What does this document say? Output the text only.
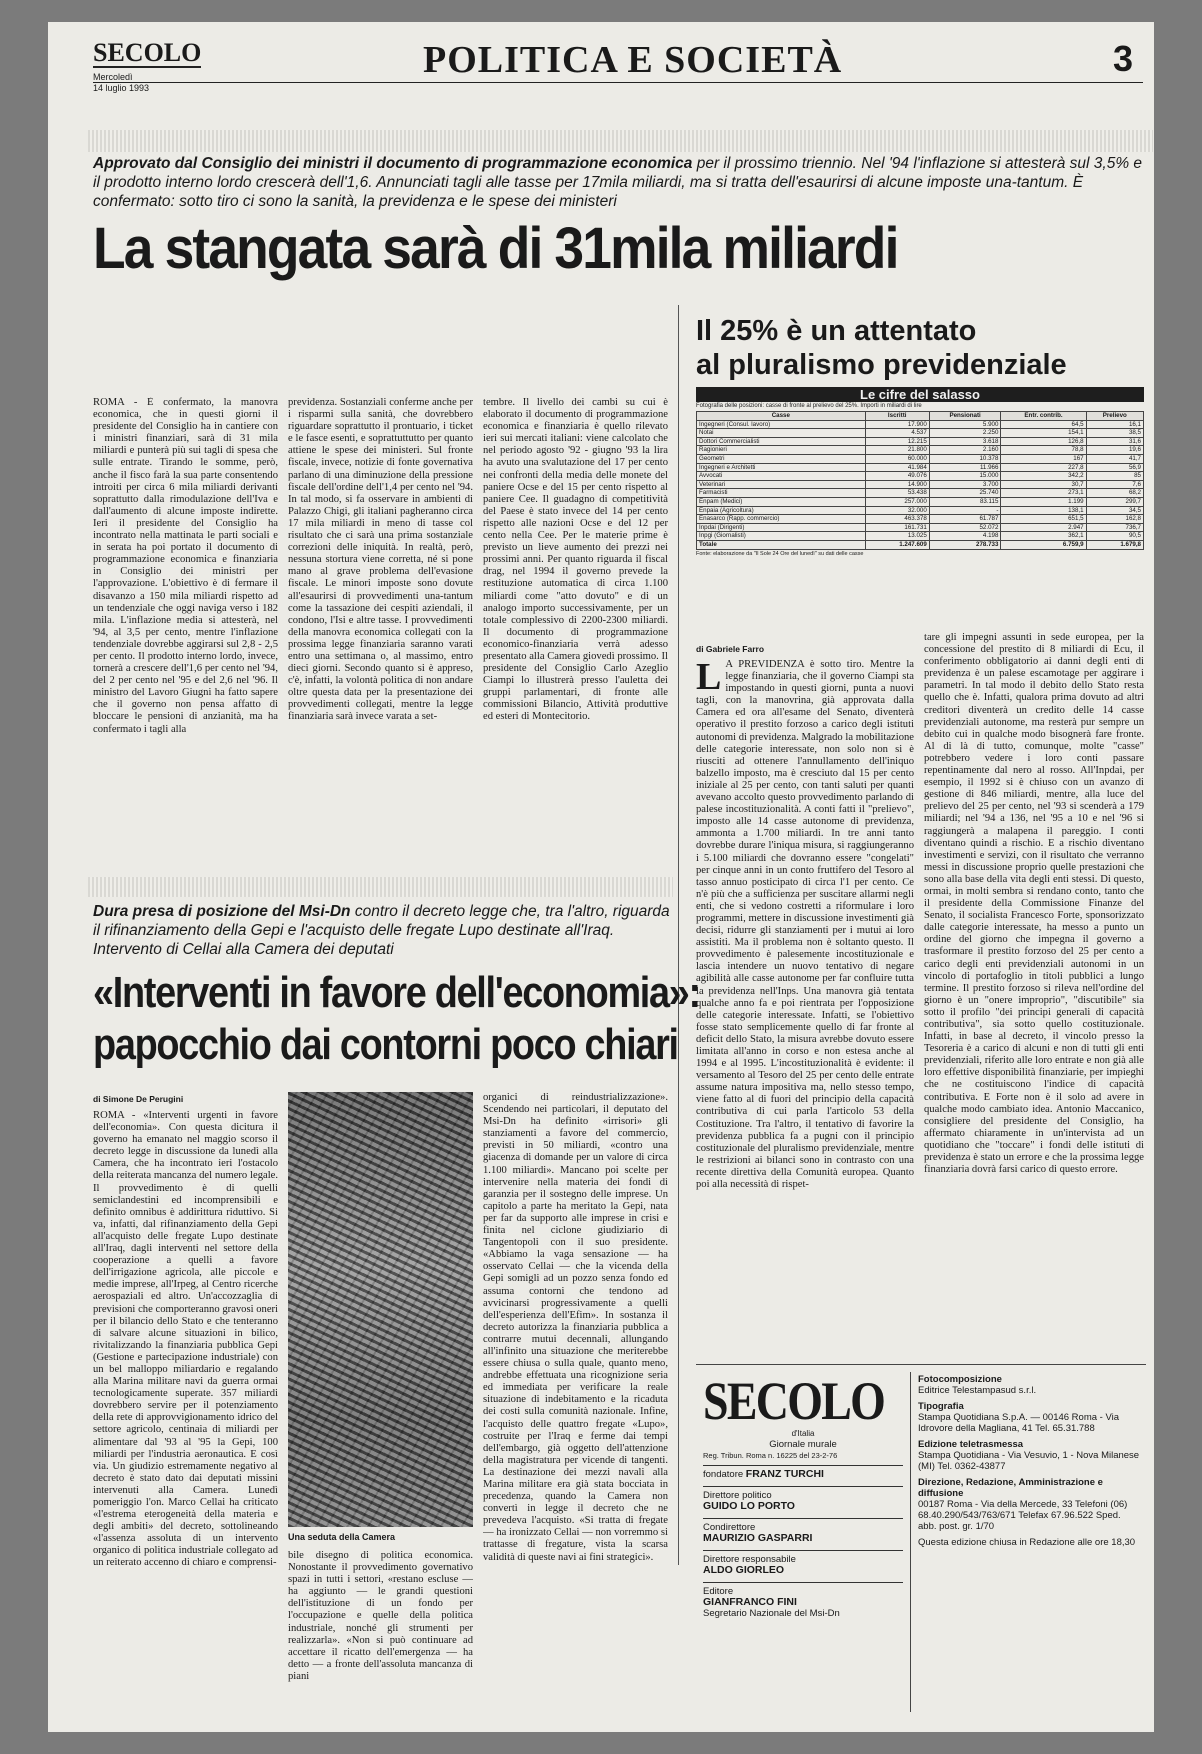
SECOLO
Mercoledì
14 luglio 1993
POLITICA E SOCIETÀ	3
Approvato dal Consiglio dei ministri il documento di programmazione economica per il prossimo triennio. Nel '94 l'inflazione si attesterà sul 3,5% e il prodotto interno lordo crescerà dell'1,6. Annunciati tagli alle tasse per 17mila miliardi, ma si tratta dell'esaurirsi di alcune imposte una-tantum. È confermato: sotto tiro ci sono la sanità, la previdenza e le spese dei ministeri
La stangata sarà di 31mila miliardi

ROMA - È confermato, la manovra economica, che in questi giorni il presidente del Consiglio ha in cantiere con i ministri finanziari, sarà di 31 mila miliardi e punterà più sui tagli di spesa che sulle entrate. Tirando le somme, però, anche il fisco farà la sua parte consentendo introiti per circa 6 mila miliardi derivanti soprattutto dalla rimodulazione dell'Iva e dall'aumento di alcune imposte indirette. Ieri il presidente del Consiglio ha incontrato nella mattinata le parti sociali e in serata ha poi portato il documento di programmazione economica e finanziaria in Consiglio dei ministri per l'approvazione. L'obiettivo è di fermare il disavanzo a 150 mila miliardi rispetto ad un tendenziale che oggi naviga verso i 182 mila. L'inflazione media si attesterà, nel '94, al 3,5 per cento, mentre l'inflazione tendenziale dovrebbe aggirarsi sul 2,8 - 2,5 per cento. Il prodotto interno lordo, invece, tornerà a crescere dell'1,6 per cento nel '94, del 2 per cento nel '95 e del 2,6 nel '96. Il ministro del Lavoro Giugni ha fatto sapere che il governo non pensa affatto di bloccare le pensioni di anzianità, ma ha confermato i tagli alla

previdenza. Sostanziali conferme anche per i risparmi sulla sanità, che dovrebbero riguardare soprattutto il prontuario, i ticket e le fasce esenti, e soprattuttutto per quanto attiene le spese dei ministeri. Sul fronte fiscale, invece, notizie di fonte governativa parlano di una diminuzione della pressione fiscale dell'ordine dell'1,4 per cento nel '94. In tal modo, si fa osservare in ambienti di Palazzo Chigi, gli italiani pagheranno circa 17 mila miliardi in meno di tasse col risultato che ci sarà una prima sostanziale correzioni delle iniquità. In realtà, però, nessuna stortura viene corretta, né si pone mano al grave problema dell'evasione fiscale. Le minori imposte sono dovute all'esaurirsi di provvedimenti una-tantum come la tassazione dei cespiti aziendali, il condono, l'Isi e altre tasse. I provvedimenti della manovra economica collegati con la prossima legge finanziaria saranno varati entro una settimana o, al massimo, entro dieci giorni. Secondo quanto si è appreso, c'è, infatti, la volontà politica di non andare oltre questa data per la presentazione dei provvedimenti collegati, mentre la legge finanziaria sarà invece varata a set-

tembre. Il livello dei cambi su cui è elaborato il documento di programmazione economica e finanziaria è quello rilevato ieri sui mercati italiani: viene calcolato che nel periodo agosto '92 - giugno '93 la lira ha avuto una svalutazione del 17 per cento nei confronti della media delle monete del paniere Ocse e del 15 per cento rispetto al paniere Cee. Il guadagno di competitività del Paese è stato invece del 14 per cento rispetto alle nazioni Ocse e del 12 per cento nella Cee. Per le materie prime è previsto un lieve aumento dei prezzi nei prossimi anni. Per quanto riguarda il fiscal drag, nel 1994 il governo prevede la restituzione automatica di circa 1.100 miliardi come "atto dovuto" e di un analogo importo successivamente, per un totale complessivo di 2200-2300 miliardi. Il documento di programmazione economico-finanziaria verrà adesso presentato alla Camera giovedì prossimo. Il presidente del Consiglio Carlo Azeglio Ciampi lo illustrerà presso l'auletta dei gruppi parlamentari, di fronte alle commissioni Bilancio, Attività produttive ed esteri di Montecitorio.

Il 25% è un attentato
al pluralismo previdenziale
Le cifre del salasso
Fotografia delle posizioni: casse di fronte al prelievo del 25%. Importi in miliardi di lire
Casse	Iscritti	Pensionati	Entr. contrib.	Prelievo
Ingegneri (Consul. lavoro)	17.900	5.900	64,5	16,1
Notai	4.537	2.250	154,1	38,5
Dottori Commercialisti	12.215	3.618	126,8	31,6
Ragionieri	21.800	2.160	78,8	19,6
Geometri	60.000	10.378	167	41,7
Ingegneri e Architetti	41.984	11.966	227,8	56,9
Avvocati	49.076	15.000	342,2	85
Veterinari	14.900	3.700	30,7	7,6
Farmacisti	53.438	25.740	273,1	68,2
Enpam (Medici)	257.000	83.115	1.199	299,7
Enpaia (Agricoltura)	32.000	-	138,1	34,5
Enasarco (Rapp. commercio)	463.378	61.787	651,5	162,8
Inpdai (Dirigenti)	161.731	52.072	2.947	736,7
Inpgi (Giornalisti)	13.025	4.198	362,1	90,5
Totale	1.247.609	278.733	6.759,9	1.679,8
Fonte: elaborazione da "Il Sole 24 Ore del lunedì" su dati delle casse
di Gabriele Farro
L A PREVIDENZA è sotto tiro. Mentre la legge finanziaria, che il governo Ciampi sta impostando in questi giorni, punta a nuovi tagli, con la manovrina, già approvata dalla Camera ed ora all'esame del Senato, diventerà operativo il prestito forzoso a carico degli istituti autonomi di previdenza. Malgrado la mobilitazione delle categorie interessate, non solo non si è riusciti ad ottenere l'annullamento dell'iniquo balzello imposto, ma è cresciuto dal 15 per cento iniziale al 25 per cento, con tanti saluti per quanti avevano accolto questo provvedimento parlando di palese incostituzionalità. A conti fatti il "prelievo", imposto alle 14 casse autonome di previdenza, ammonta a 1.700 miliardi. In tre anni tanto dovrebbe durare l'iniqua misura, si raggiungeranno i 5.100 miliardi che dovranno essere "congelati" per cinque anni in un conto fruttifero del Tesoro al tasso annuo posticipato di circa l'1 per cento. Ce n'è più che a sufficienza per suscitare allarmi negli enti, che si vedono costretti a riformulare i loro programmi, mettere in discussione investimenti già decisi, ridurre gli stanziamenti per i mutui ai loro assistiti. Ma il problema non è soltanto questo. Il provvedimento è palesemente incostituzionale e lascia intendere un nuovo tentativo di negare agibilità alle casse autonome per far confluire tutta la previdenza nell'Inps. Una manovra già tentata qualche anno fa e poi rientrata per l'opposizione delle categorie interessate. Infatti, se l'obiettivo fosse stato semplicemente quello di far fronte al deficit dello Stato, la misura avrebbe dovuto essere limitata all'anno in corso e non estesa anche al 1994 e al 1995. L'incostituzionalità è evidente: il versamento al Tesoro del 25 per cento delle entrate assume natura impositiva ma, nello stesso tempo, viene fatto al di fuori del principio della capacità contributiva di cui parla l'articolo 53 della Costituzione. Tra l'altro, il tentativo di favorire la previdenza pubblica fa a pugni con il principio costituzionale del pluralismo previdenziale, mentre le restrizioni ai bilanci sono in contrasto con una recente direttiva della Comunità europea. Quanto poi alla necessità di rispet-

tare gli impegni assunti in sede europea, per la concessione del prestito di 8 miliardi di Ecu, il conferimento obbligatorio ai danni degli enti di previdenza è un palese escamotage per aggirare i parametri. In tal modo il debito dello Stato resta quello che è. Infatti, qualora prima dovuto ad altri creditori diventerà un credito delle 14 casse previdenziali autonome, ma resterà pur sempre un debito cui in qualche modo bisognerà fare fronte. Al di là di tutto, comunque, molte "casse" potrebbero vedere i loro conti passare repentinamente dal nero al rosso. All'Inpdai, per esempio, il 1992 si è chiuso con un avanzo di gestione di 846 miliardi, mentre, alla luce del prelievo del 25 per cento, nel '93 si scenderà a 179 miliardi; nel '94 a 136, nel '95 a 10 e nel '96 si raggiungerà a malapena il pareggio. I conti diventano quindi a rischio. E a rischio diventano investimenti e servizi, con il risultato che verranno messi in discussione proprio quelle prestazioni che sono alla base della vita degli enti stessi. Di questo, ormai, in molti sembra si rendano conto, tanto che il presidente della Commissione Finanze del Senato, il socialista Francesco Forte, sponsorizzato dalle categorie interessate, ha messo a punto un ordine del giorno che impegna il governo a trasformare il prestito forzoso del 25 per cento a carico degli enti previdenziali autonomi in un vincolo di portafoglio in titoli pubblici a lungo termine. Il prestito forzoso si rileva nell'ordine del giorno è un "onere improprio", "discutibile" sia sotto il profilo "dei principi generali di capacità contributiva", sia sotto quello costituzionale. Infatti, in base al decreto, il vincolo presso la Tesoreria è a carico di alcuni e non di tutti gli enti previdenziali, riferito alle loro entrate e non già alle loro effettive disponibilità finanziarie, per impieghi che ne costituiscono l'indice di capacità contributiva. E Forte non è il solo ad avere in qualche modo cambiato idea. Antonio Maccanico, consigliere del presidente del Consiglio, ha affermato chiaramente in un'intervista ad un quotidiano che "toccare" i fondi delle istituti di previdenza è stato un errore e che la prossima legge finanziaria dovrà farsi carico di questo errore.

Dura presa di posizione del Msi-Dn contro il decreto legge che, tra l'altro, riguarda il rifinanziamento della Gepi e l'acquisto delle fregate Lupo destinate all'Iraq. Intervento di Cellai alla Camera dei deputati
«Interventi in favore dell'economia»:
papocchio dai contorni poco chiari
di Simone De Perugini

ROMA - «Interventi urgenti in favore dell'economia». Con questa dicitura il governo ha emanato nel maggio scorso il decreto legge in discussione da lunedì alla Camera, che ha incontrato ieri l'ostacolo della reiterata mancanza del numero legale. Il provvedimento è di quelli semiclandestini ed incomprensibili e definito omnibus è addirittura riduttivo. Si va, infatti, dal rifinanziamento della Gepi all'acquisto delle fregate Lupo destinate all'Iraq, dagli interventi nel settore della cooperazione a quelli a favore dell'irrigazione agricola, alle piccole e medie imprese, all'Irpeg, al Centro ricerche aerospaziali ed altro. Un'accozzaglia di previsioni che comporteranno gravosi oneri per il bilancio dello Stato e che tenteranno di salvare alcune situazioni in bilico, rivitalizzando la finanziaria pubblica Gepi (Gestione e partecipazione industriale) con un bel malloppo miliardario e regalando alla Marina militare navi da guerra ormai tecnologicamente superate. 357 miliardi dovrebbero servire per il potenziamento della rete di approvvigionamento idrico del settore agricolo, centinaia di miliardi per alimentare dal '93 al '95 la Gepi, 100 miliardi per l'industria aeronautica. E così via. Un giudizio estremamente negativo al decreto è stato dato dai deputati missini intervenuti alla Camera. Lunedì pomeriggio l'on. Marco Cellai ha criticato «l'estrema eterogeneità della materia e degli ambiti» del decreto, sottolineando «l'assenza assoluta di un intervento organico di politica industriale collegato ad un reiterato accenno di chiaro e comprensi-

Una seduta della Camera

bile disegno di politica economica. Nonostante il provvedimento governativo spazi in tutti i settori, «restano escluse — ha aggiunto — le grandi questioni dell'istituzione di un fondo per l'occupazione e quelle della politica industriale, nonché gli strumenti per realizzarla». «Non si può continuare ad accettare il ricatto dell'emergenza — ha detto — a fronte dell'assoluta mancanza di piani

organici di reindustrializzazione». Scendendo nei particolari, il deputato del Msi-Dn ha definito «irrisori» gli stanziamenti a favore del commercio, previsti in 50 miliardi, «contro una giacenza di domande per un valore di circa 1.100 miliardi». Mancano poi scelte per intervenire nella materia dei fondi di garanzia per il sostegno delle imprese. Un capitolo a parte ha meritato la Gepi, nata per far da supporto alle imprese in crisi e finita nel ciclone giudiziario di Tangentopoli con il suo presidente. «Abbiamo la vaga sensazione — ha osservato Cellai — che la vicenda della Gepi somigli ad un pozzo senza fondo ed assuma contorni che tendono ad avvicinarsi progressivamente a quelli dell'esperienza dell'Efim». In sostanza il decreto autorizza la finanziaria pubblica a contrarre mutui decennali, allungando all'infinito una situazione che meriterebbe essere chiusa o sulla quale, quanto meno, andrebbe effettuata una ricognizione seria ed immediata per verificare la reale situazione di indebitamento e la ricaduta dei costi sulla comunità nazionale. Infine, l'acquisto delle quattro fregate «Lupo», costruite per l'Iraq e ferme dai tempi dell'embargo, già oggetto dell'attenzione della magistratura per vicende di tangenti. La destinazione dei mezzi navali alla Marina militare era già stata bocciata in precedenza, quando la Camera non convertì in legge il decreto che ne prevedeva l'acquisto. «Si tratta di fregate — ha ironizzato Cellai — non vorremmo si trattasse di fregature, vista la scarsa validità di queste navi ai fini strategici».

SECOLO
d'Italia
Giornale murale
Reg. Tribun. Roma n. 16225 del 23-2-76
fondatore FRANZ TURCHI
Direttore politico
GUIDO LO PORTO
Condirettore
MAURIZIO GASPARRI
Direttore responsabile
ALDO GIORLEO
Editore
GIANFRANCO FINI
Segretario Nazionale del Msi-Dn
Fotocomposizione
Editrice Telestampasud s.r.l.
Tipografia
Stampa Quotidiana S.p.A. — 00146 Roma - Via Idrovore della Magliana, 41 Tel. 65.31.788
Edizione teletrasmessa
Stampa Quotidiana - Via Vesuvio, 1 - Nova Milanese (MI) Tel. 0362-43877
Direzione, Redazione, Amministrazione e diffusione
00187 Roma - Via della Mercede, 33 Telefoni (06) 68.40.290/543/763/671 Telefax 67.96.522 Sped. abb. post. gr. 1/70
Questa edizione chiusa in Redazione alle ore 18,30
